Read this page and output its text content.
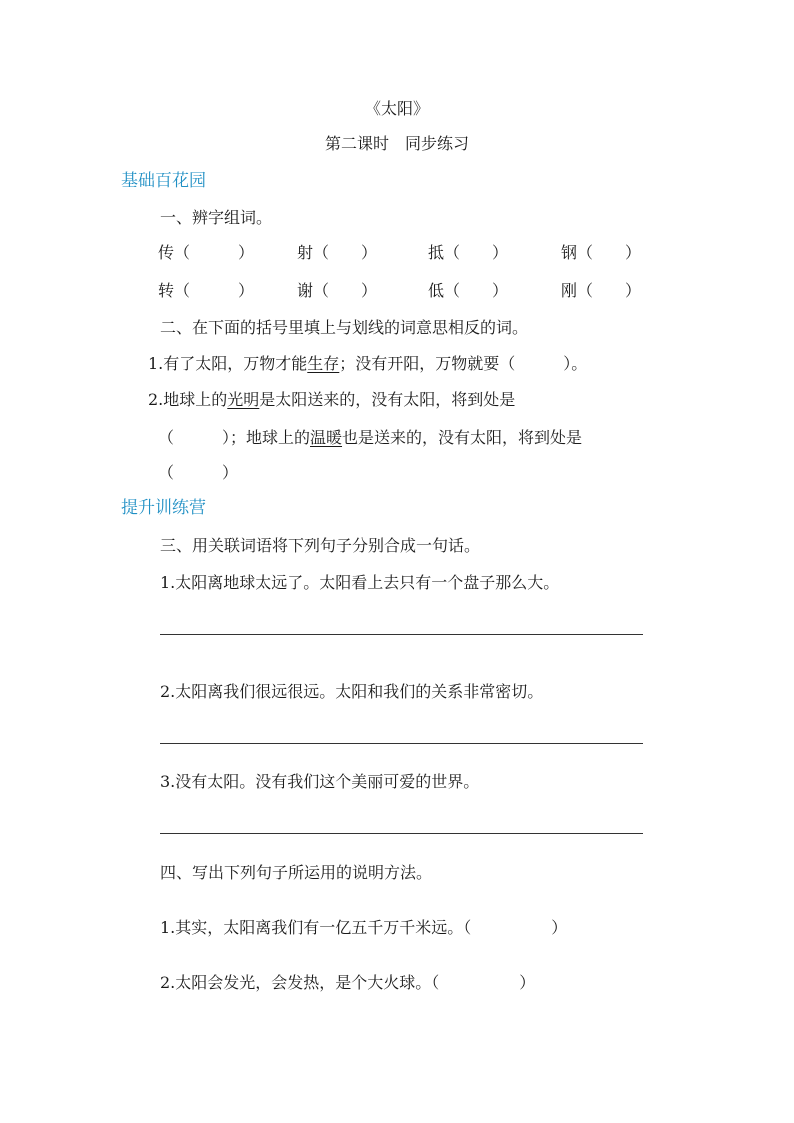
《太阳》
第二课时　同步练习
基础百花园
一、辨字组词。
传（　　　）	射（　　）	抵（　　）	钢（　　）
转（　　　）	谢（　　）	低（　　）	刚（　　）
二、在下面的括号里填上与划线的词意思相反的词。
1.有了太阳，万物才能生存；没有开阳，万物就要（　　　）。
2.地球上的光明是太阳送来的，没有太阳，将到处是
（　　　）；地球上的温暖也是送来的，没有太阳，将到处是
（　　　）
提升训练营
三、用关联词语将下列句子分别合成一句话。
1.太阳离地球太远了。太阳看上去只有一个盘子那么大。
2.太阳离我们很远很远。太阳和我们的关系非常密切。
3.没有太阳。没有我们这个美丽可爱的世界。
四、写出下列句子所运用的说明方法。
1.其实，太阳离我们有一亿五千万千米远。（　　　　　）
2.太阳会发光，会发热，是个大火球。（　　　　　）
